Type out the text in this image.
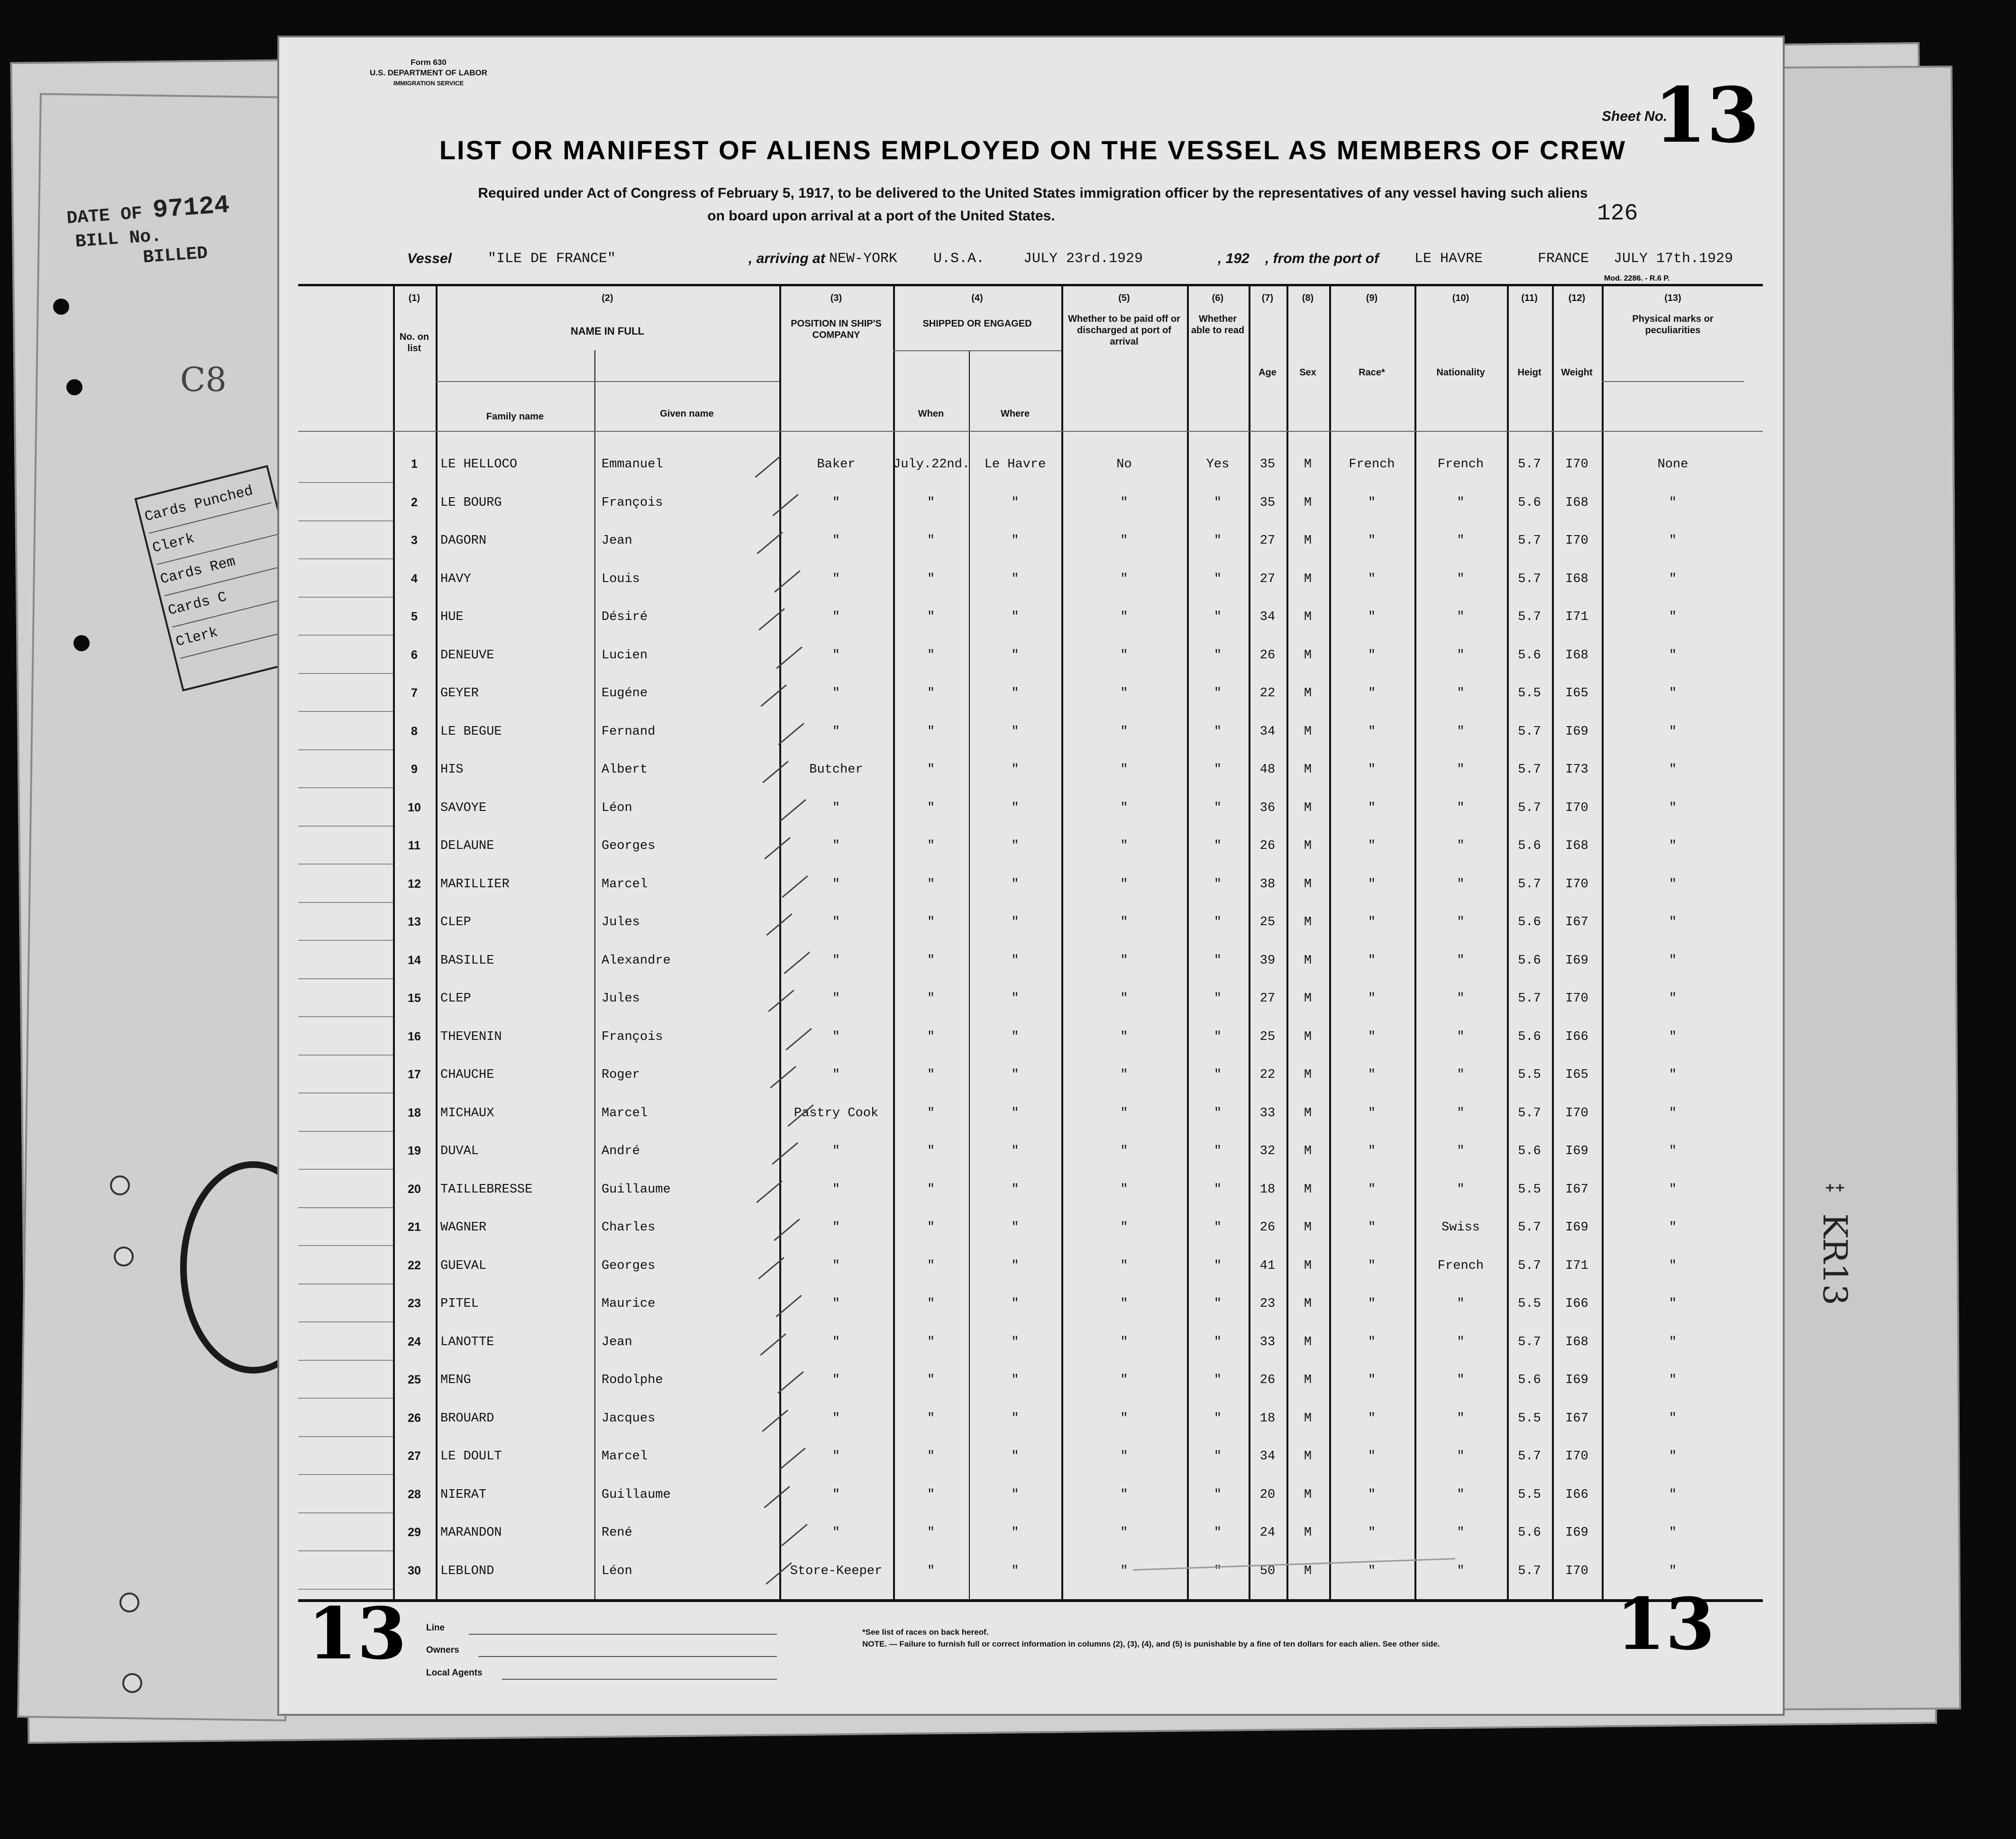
DATE OF 97124
BILL No. BILLED
Cards Punched
Clerk
Cards Rem
Cards C
Clerk
C8
⁺⁺
KR13
Form 630
U.S. DEPARTMENT OF LABOR
IMMIGRATION SERVICE
Sheet No.
13
LIST OR MANIFEST OF ALIENS EMPLOYED ON THE VESSEL AS MEMBERS OF CREW
Required under Act of Congress of February 5, 1917, to be delivered to the United States immigration officer by the representatives of any vessel having such aliens
on board upon arrival at a port of the United States.	126
Vessel	"ILE DE FRANCE"	, arriving at NEW-YORK	U.S.A.	JULY 23rd.1929	, 192 , from the port of	LE HAVRE	FRANCE JULY 17th.1929
Mod. 2286. - R.6 P.
(1)
No. on list
(2)
NAME IN FULL
(3)
POSITION IN SHIP'S COMPANY
(4)
SHIPPED OR ENGAGED
(5)
Whether to be paid off or discharged at port of arrival
(6)
Whether able to read
(7)
Age
(8)
Sex
(9)
Race*
(10)
Nationality
(11)
Heigt
(12)
Weight
(13)
Physical marks or peculiarities
Family name	Given name	When	Where
1	LE HELLOCO	Emmanuel	Baker	July.22nd.	Le Havre	No	Yes	35	M	French	French	5.7	I70	None
2	LE BOURG	François	"	"	"	"	"	35	M	"	"	5.6	I68	"
3	DAGORN	Jean	"	"	"	"	"	27	M	"	"	5.7	I70	"
4	HAVY	Louis	"	"	"	"	"	27	M	"	"	5.7	I68	"
5	HUE	Désiré	"	"	"	"	"	34	M	"	"	5.7	I71	"
6	DENEUVE	Lucien	"	"	"	"	"	26	M	"	"	5.6	I68	"
7	GEYER	Eugéne	"	"	"	"	"	22	M	"	"	5.5	I65	"
8	LE BEGUE	Fernand	"	"	"	"	"	34	M	"	"	5.7	I69	"
9	HIS	Albert	Butcher	"	"	"	"	48	M	"	"	5.7	I73	"
10	SAVOYE	Léon	"	"	"	"	"	36	M	"	"	5.7	I70	"
11	DELAUNE	Georges	"	"	"	"	"	26	M	"	"	5.6	I68	"
12	MARILLIER	Marcel	"	"	"	"	"	38	M	"	"	5.7	I70	"
13	CLEP	Jules	"	"	"	"	"	25	M	"	"	5.6	I67	"
14	BASILLE	Alexandre	"	"	"	"	"	39	M	"	"	5.6	I69	"
15	CLEP	Jules	"	"	"	"	"	27	M	"	"	5.7	I70	"
16	THEVENIN	François	"	"	"	"	"	25	M	"	"	5.6	I66	"
17	CHAUCHE	Roger	"	"	"	"	"	22	M	"	"	5.5	I65	"
18	MICHAUX	Marcel	Pastry Cook	"	"	"	"	33	M	"	"	5.7	I70	"
19	DUVAL	André	"	"	"	"	"	32	M	"	"	5.6	I69	"
20	TAILLEBRESSE	Guillaume	"	"	"	"	"	18	M	"	"	5.5	I67	"
21	WAGNER	Charles	"	"	"	"	"	26	M	"	Swiss	5.7	I69	"
22	GUEVAL	Georges	"	"	"	"	"	41	M	"	French	5.7	I71	"
23	PITEL	Maurice	"	"	"	"	"	23	M	"	"	5.5	I66	"
24	LANOTTE	Jean	"	"	"	"	"	33	M	"	"	5.7	I68	"
25	MENG	Rodolphe	"	"	"	"	"	26	M	"	"	5.6	I69	"
26	BROUARD	Jacques	"	"	"	"	"	18	M	"	"	5.5	I67	"
27	LE DOULT	Marcel	"	"	"	"	"	34	M	"	"	5.7	I70	"
28	NIERAT	Guillaume	"	"	"	"	"	20	M	"	"	5.5	I66	"
29	MARANDON	René	"	"	"	"	"	24	M	"	"	5.6	I69	"
30	LEBLOND	Léon	Store-Keeper	"	"	"	"	50	M	"	"	5.7	I70	"
13	13
Line
Owners
Local Agents
*See list of races on back hereof.
NOTE. — Failure to furnish full or correct information in columns (2), (3), (4), and (5) is punishable by a fine of ten dollars for each alien. See other side.
